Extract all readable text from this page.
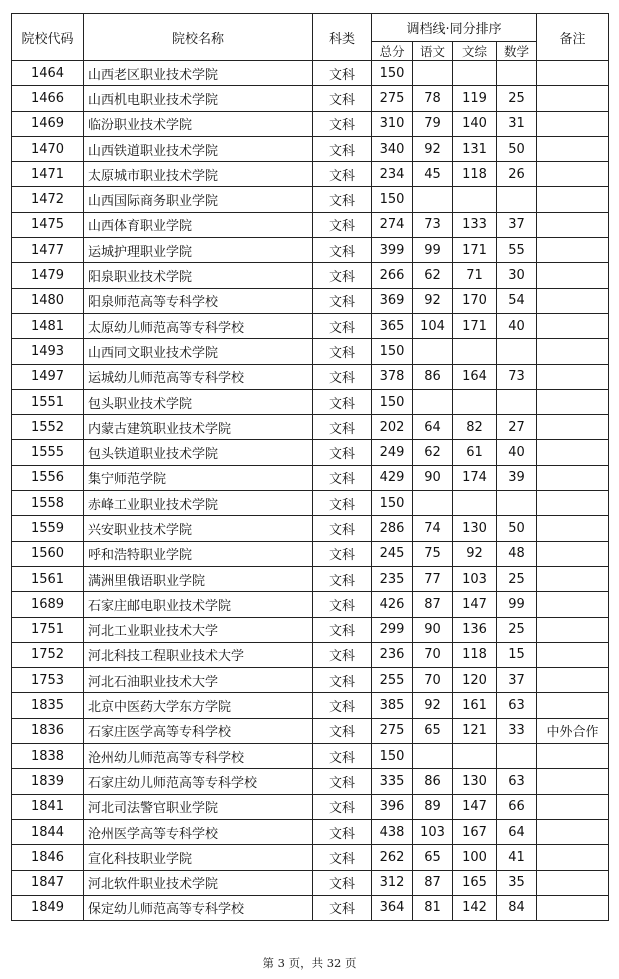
院校代码	院校名称	科类	调档线·同分排序				备注
			总分	语文	文综	数学	
1464	山西老区职业技术学院	文科	150				
1466	山西机电职业技术学院	文科	275	78	119	25	
1469	临汾职业技术学院	文科	310	79	140	31	
1470	山西铁道职业技术学院	文科	340	92	131	50	
1471	太原城市职业技术学院	文科	234	45	118	26	
1472	山西国际商务职业学院	文科	150				
1475	山西体育职业学院	文科	274	73	133	37	
1477	运城护理职业学院	文科	399	99	171	55	
1479	阳泉职业技术学院	文科	266	62	71	30	
1480	阳泉师范高等专科学校	文科	369	92	170	54	
1481	太原幼儿师范高等专科学校	文科	365	104	171	40	
1493	山西同文职业技术学院	文科	150				
1497	运城幼儿师范高等专科学校	文科	378	86	164	73	
1551	包头职业技术学院	文科	150				
1552	内蒙古建筑职业技术学院	文科	202	64	82	27	
1555	包头铁道职业技术学院	文科	249	62	61	40	
1556	集宁师范学院	文科	429	90	174	39	
1558	赤峰工业职业技术学院	文科	150				
1559	兴安职业技术学院	文科	286	74	130	50	
1560	呼和浩特职业学院	文科	245	75	92	48	
1561	满洲里俄语职业学院	文科	235	77	103	25	
1689	石家庄邮电职业技术学院	文科	426	87	147	99	
1751	河北工业职业技术大学	文科	299	90	136	25	
1752	河北科技工程职业技术大学	文科	236	70	118	15	
1753	河北石油职业技术大学	文科	255	70	120	37	
1835	北京中医药大学东方学院	文科	385	92	161	63	
1836	石家庄医学高等专科学校	文科	275	65	121	33	中外合作
1838	沧州幼儿师范高等专科学校	文科	150				
1839	石家庄幼儿师范高等专科学校	文科	335	86	130	63	
1841	河北司法警官职业学院	文科	396	89	147	66	
1844	沧州医学高等专科学校	文科	438	103	167	64	
1846	宣化科技职业学院	文科	262	65	100	41	
1847	河北软件职业技术学院	文科	312	87	165	35	
1849	保定幼儿师范高等专科学校	文科	364	81	142	84	
第 3 页，共 32 页
